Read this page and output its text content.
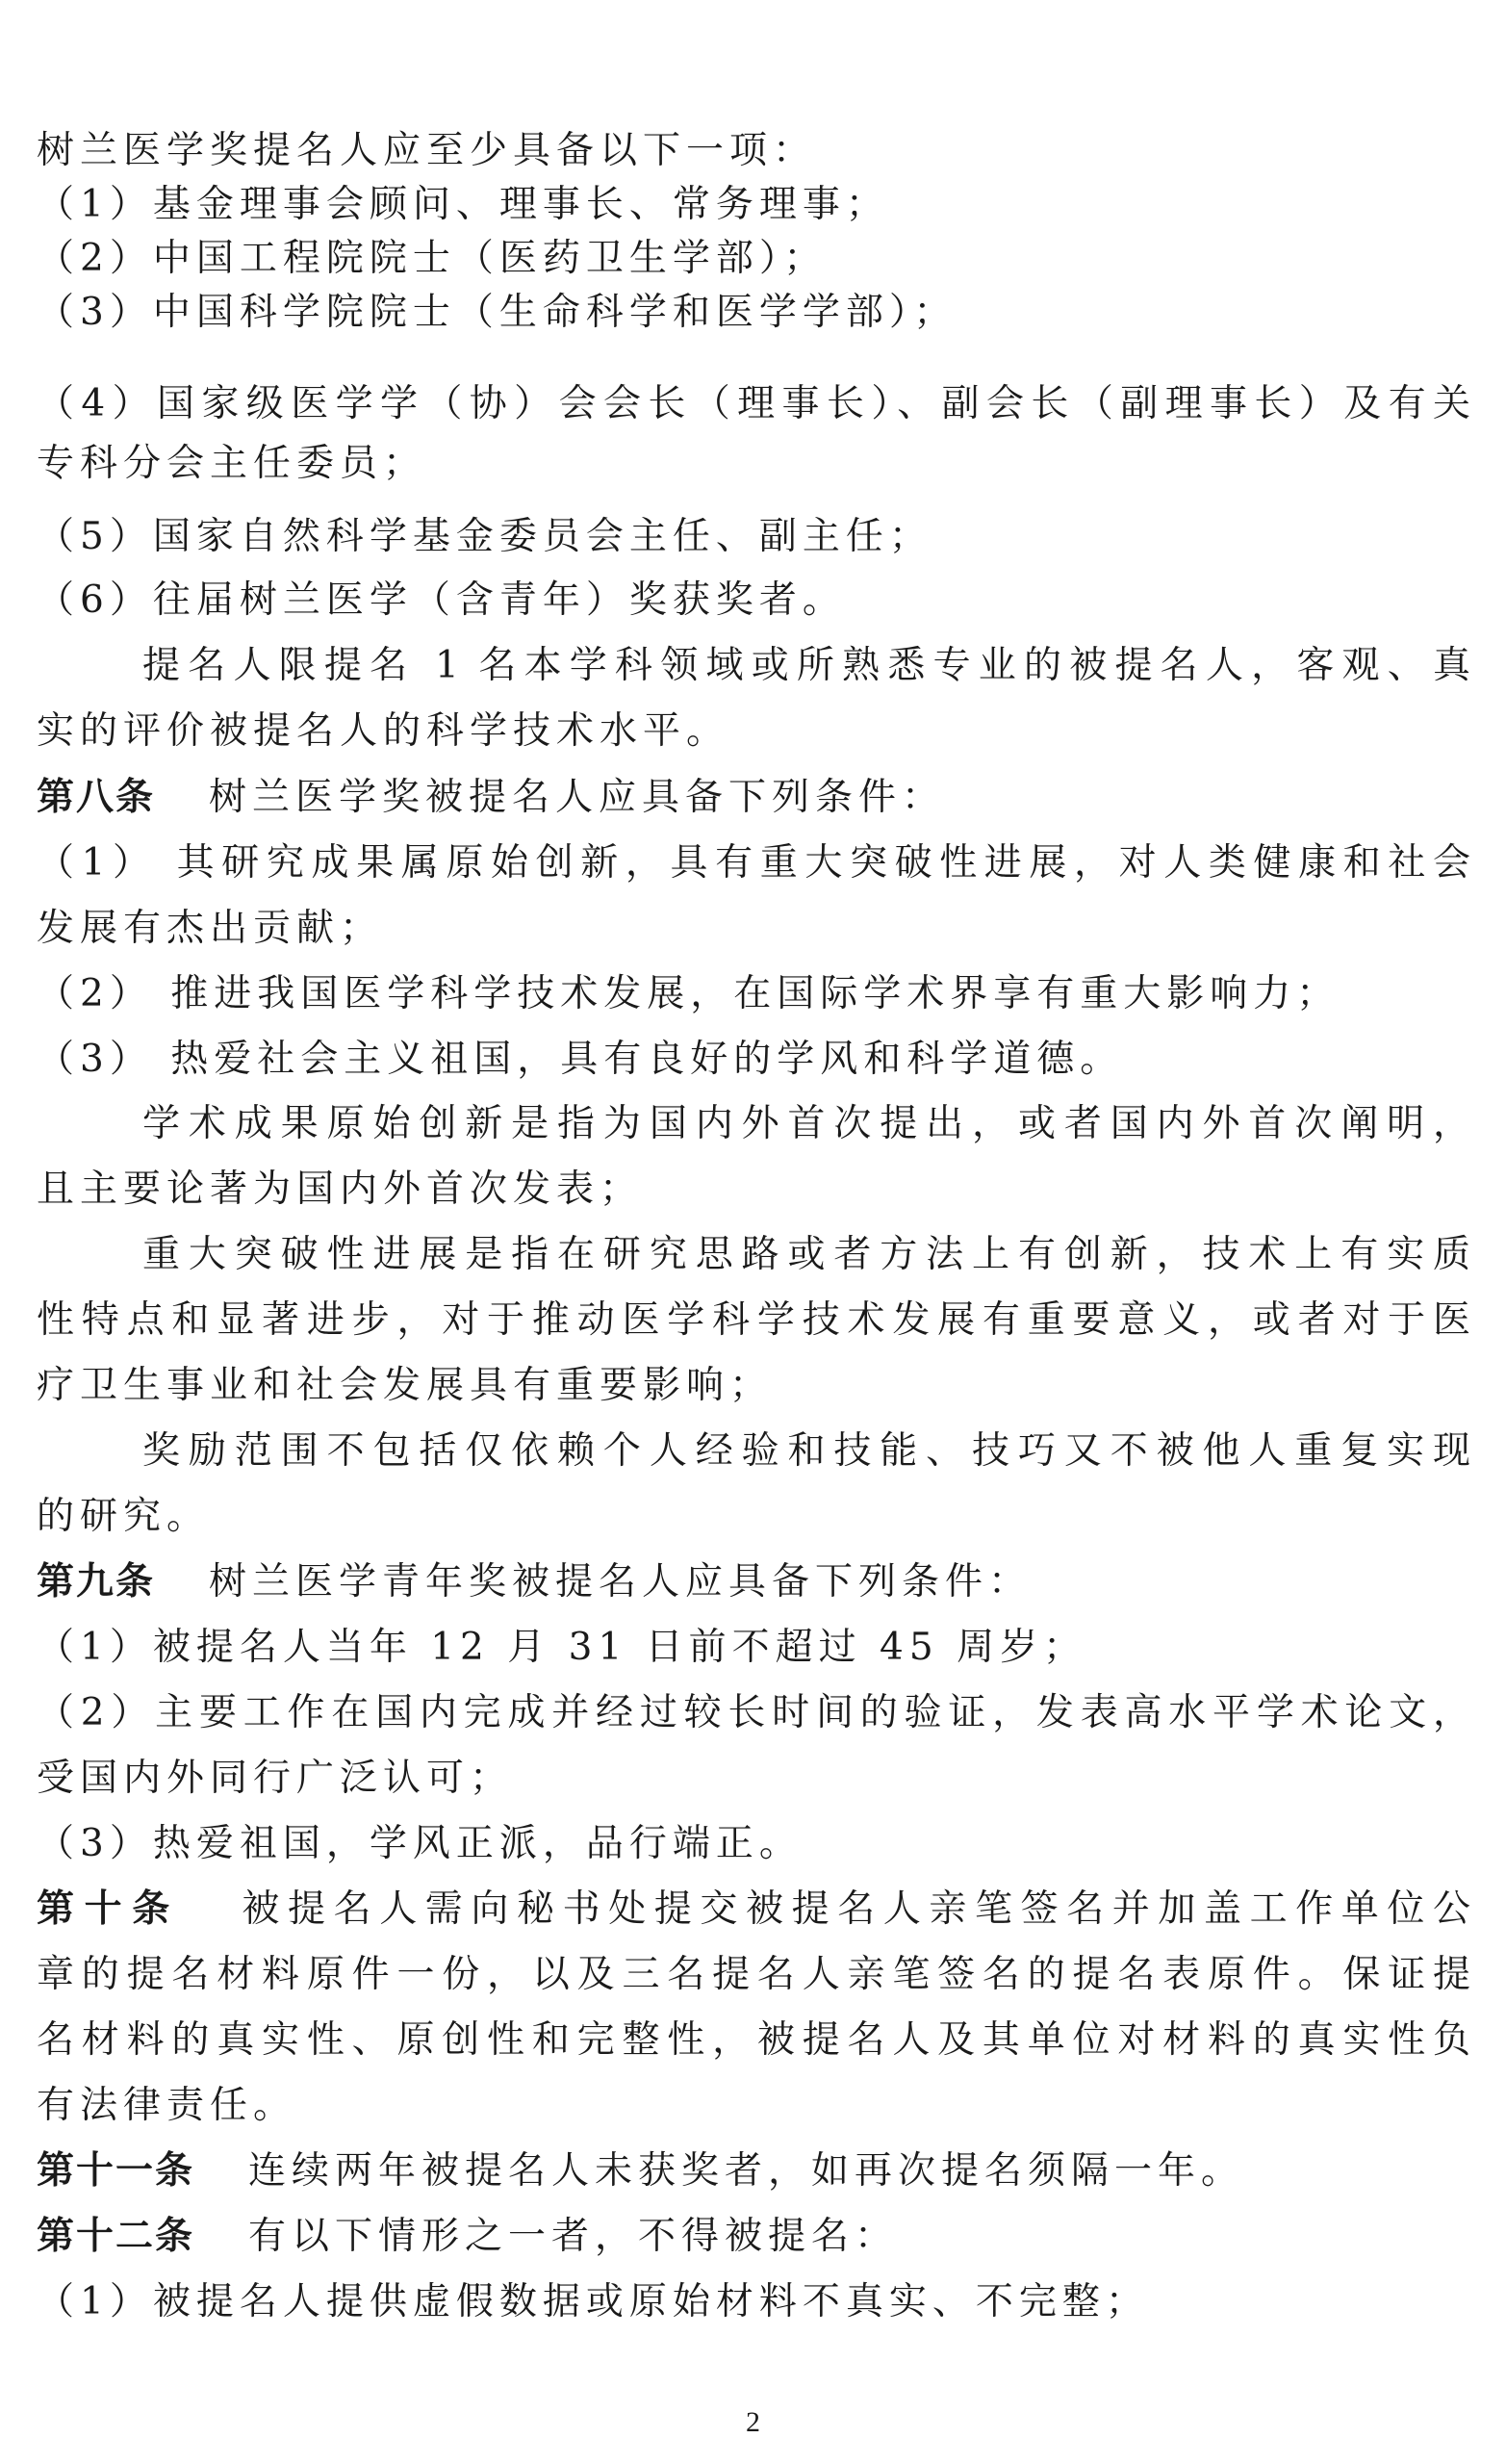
树兰医学奖提名人应至少具备以下一项：
（1）基金理事会顾问、理事长、常务理事；
（2）中国工程院院士（医药卫生学部）；
（3）中国科学院院士（生命科学和医学学部）；
（4）国家级医学学（协）会会长（理事长）、副会长（副理事长）及有关
专科分会主任委员；
（5）国家自然科学基金委员会主任、副主任；
（6）往届树兰医学（含青年）奖获奖者。
提名人限提名 1 名本学科领域或所熟悉专业的被提名人，客观、真
实的评价被提名人的科学技术水平。
第八条 树兰医学奖被提名人应具备下列条件：
（1） 其研究成果属原始创新，具有重大突破性进展，对人类健康和社会
发展有杰出贡献；
（2） 推进我国医学科学技术发展，在国际学术界享有重大影响力；
（3） 热爱社会主义祖国，具有良好的学风和科学道德。
学术成果原始创新是指为国内外首次提出，或者国内外首次阐明，
且主要论著为国内外首次发表；
重大突破性进展是指在研究思路或者方法上有创新，技术上有实质
性特点和显著进步，对于推动医学科学技术发展有重要意义，或者对于医
疗卫生事业和社会发展具有重要影响；
奖励范围不包括仅依赖个人经验和技能、技巧又不被他人重复实现
的研究。
第九条 树兰医学青年奖被提名人应具备下列条件：
（1）被提名人当年 12 月 31 日前不超过 45 周岁；
（2）主要工作在国内完成并经过较长时间的验证，发表高水平学术论文，
受国内外同行广泛认可；
（3）热爱祖国，学风正派，品行端正。
第十条 被提名人需向秘书处提交被提名人亲笔签名并加盖工作单位公
章的提名材料原件一份，以及三名提名人亲笔签名的提名表原件。保证提
名材料的真实性、原创性和完整性，被提名人及其单位对材料的真实性负
有法律责任。
第十一条 连续两年被提名人未获奖者，如再次提名须隔一年。
第十二条 有以下情形之一者，不得被提名：
（1）被提名人提供虚假数据或原始材料不真实、不完整；
2
